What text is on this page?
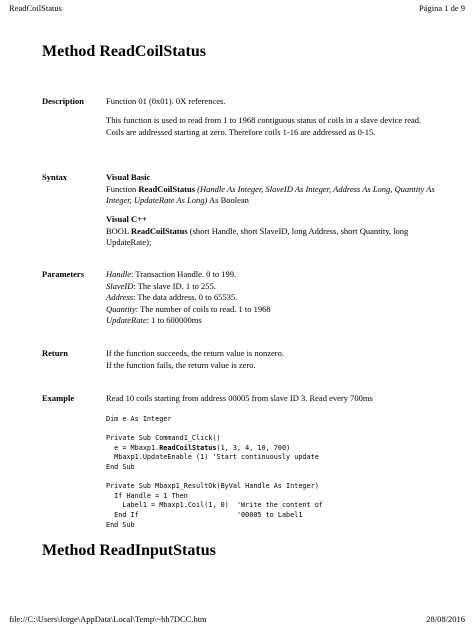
ReadCoilStatus	Página 1 de 9
Method ReadCoilStatus
Description	Function 01 (0x01). 0X references.
This function is used to read from 1 to 1968 contiguous status of coils in a slave device read. Coils are addressed starting at zero. Therefore coils 1-16 are addressed as 0-15.
Syntax	Visual Basic
Function ReadCoilStatus (Handle As Integer, SlaveID As Integer, Address As Long, Quantity As Integer, UpdateRate As Long) As Boolean
Visual C++
BOOL ReadCoilStatus (short Handle, short SlaveID, long Address, short Quantity, long UpdateRate);
Parameters	Handle: Transaction Handle. 0 to 199.
SlaveID: The slave ID. 1 to 255.
Address: The data address. 0 to 65535.
Quantity: The number of coils to read. 1 to 1968
UpdateRate: 1 to 600000ms
Return	If the function succeeds, the return value is nonzero.
If the function fails, the return value is zero.
Example	Read 10 coils starting from address 00005 from slave ID 3. Read every 700ms
Dim e As Integer

Private Sub Command1_Click()
e = Mbaxp1.ReadCoilStatus(1, 3, 4, 10, 700)
Mbaxp1.UpdateEnable (1) 'Start continuously update
End Sub

Private Sub Mbaxp1_ResultOk(ByVal Handle As Integer)
If Handle = 1 Then
Label1 = Mbaxp1.Coil(1, 0)  'Write the content of
End If                        '00005 to Label1
End Sub
Method ReadInputStatus
file://C:\Users\Jorge\AppData\Local\Temp\~hh7DCC.htm	28/08/2016
